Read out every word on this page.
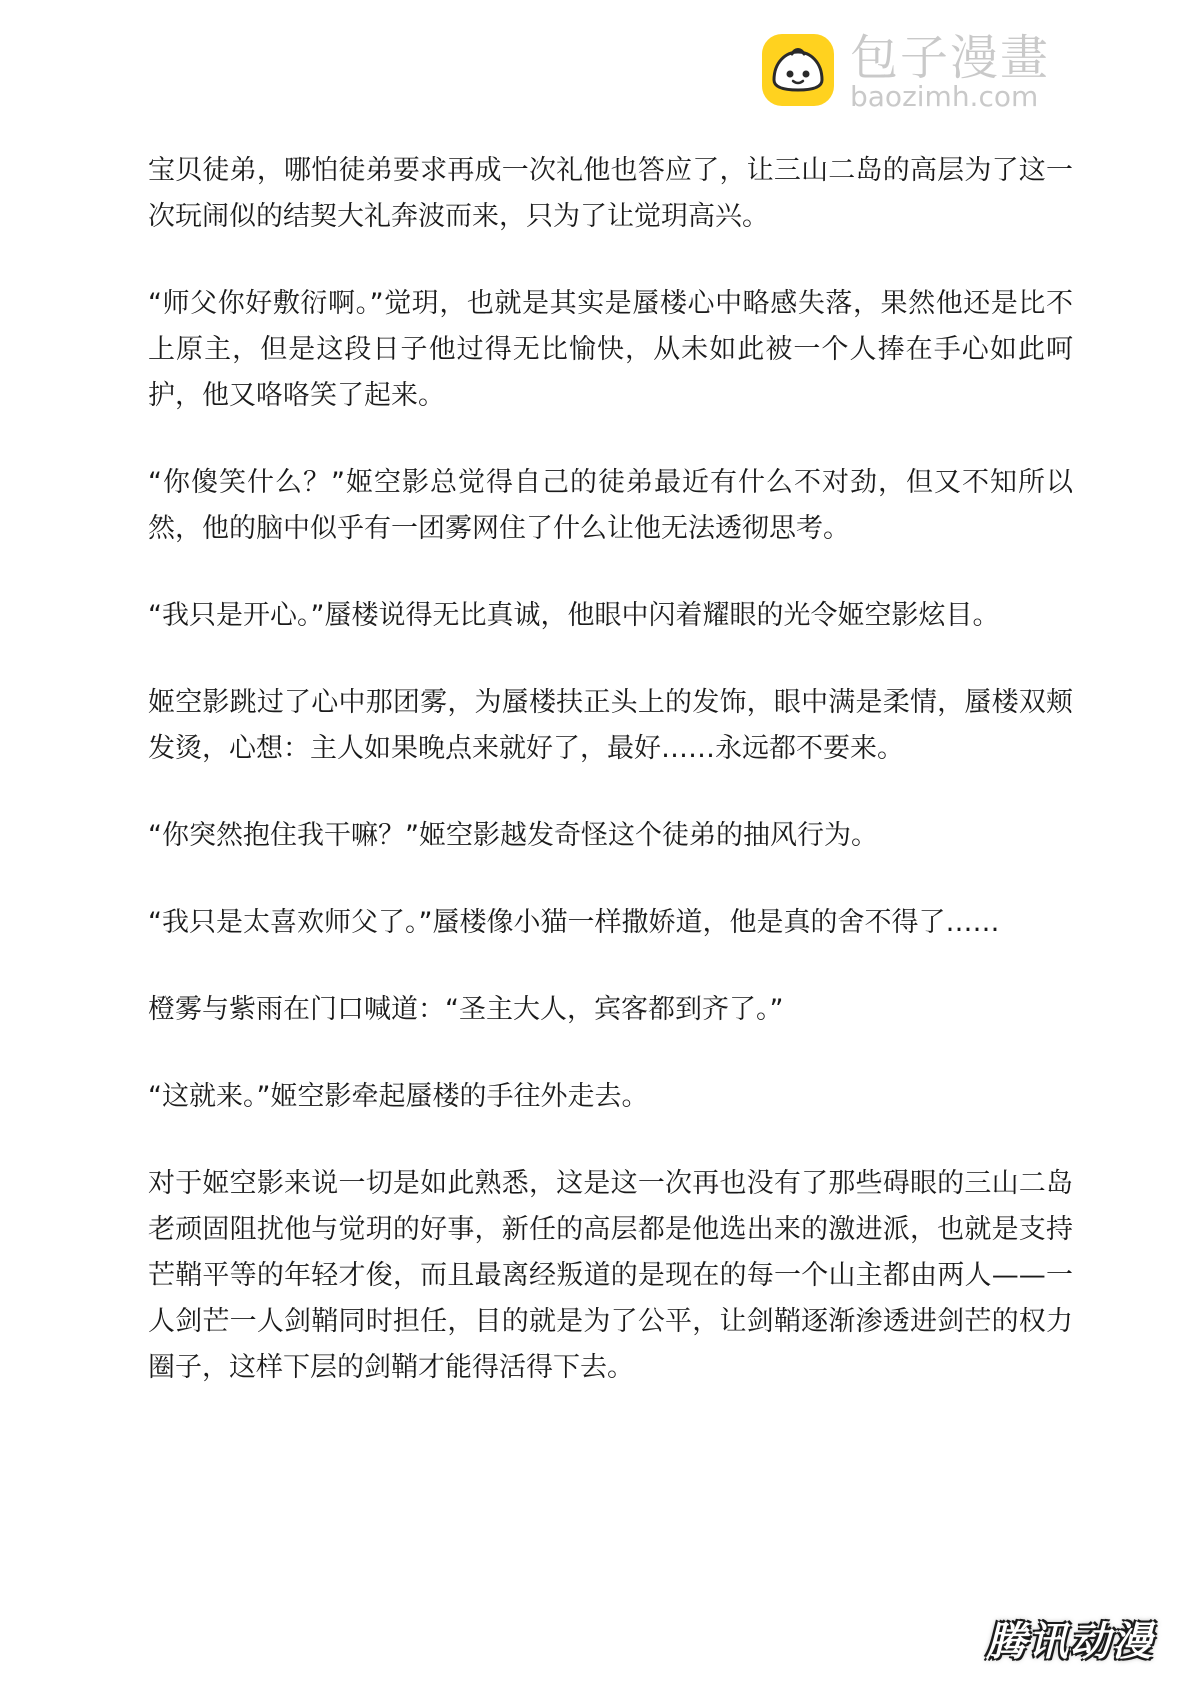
包子漫畫
baozimh.com

宝贝徒弟，哪怕徒弟要求再成一次礼他也答应了，让三山二岛的高层为了这一次玩闹似的结契大礼奔波而来，只为了让觉玥高兴。

“师父你好敷衍啊。”觉玥，也就是其实是蜃楼心中略感失落，果然他还是比不上原主，但是这段日子他过得无比愉快，从未如此被一个人捧在手心如此呵护，他又咯咯笑了起来。

“你傻笑什么？”姬空影总觉得自己的徒弟最近有什么不对劲，但又不知所以然，他的脑中似乎有一团雾网住了什么让他无法透彻思考。

“我只是开心。”蜃楼说得无比真诚，他眼中闪着耀眼的光令姬空影炫目。

姬空影跳过了心中那团雾，为蜃楼扶正头上的发饰，眼中满是柔情，蜃楼双颊发烫，心想：主人如果晚点来就好了，最好……永远都不要来。

“你突然抱住我干嘛？”姬空影越发奇怪这个徒弟的抽风行为。

“我只是太喜欢师父了。”蜃楼像小猫一样撒娇道，他是真的舍不得了……

橙雾与紫雨在门口喊道：“圣主大人，宾客都到齐了。”

“这就来。”姬空影牵起蜃楼的手往外走去。

对于姬空影来说一切是如此熟悉，这是这一次再也没有了那些碍眼的三山二岛老顽固阻扰他与觉玥的好事，新任的高层都是他选出来的激进派，也就是支持芒鞘平等的年轻才俊，而且最离经叛道的是现在的每一个山主都由两人——一人剑芒一人剑鞘同时担任，目的就是为了公平，让剑鞘逐渐渗透进剑芒的权力圈子，这样下层的剑鞘才能得活得下去。

腾讯动漫
